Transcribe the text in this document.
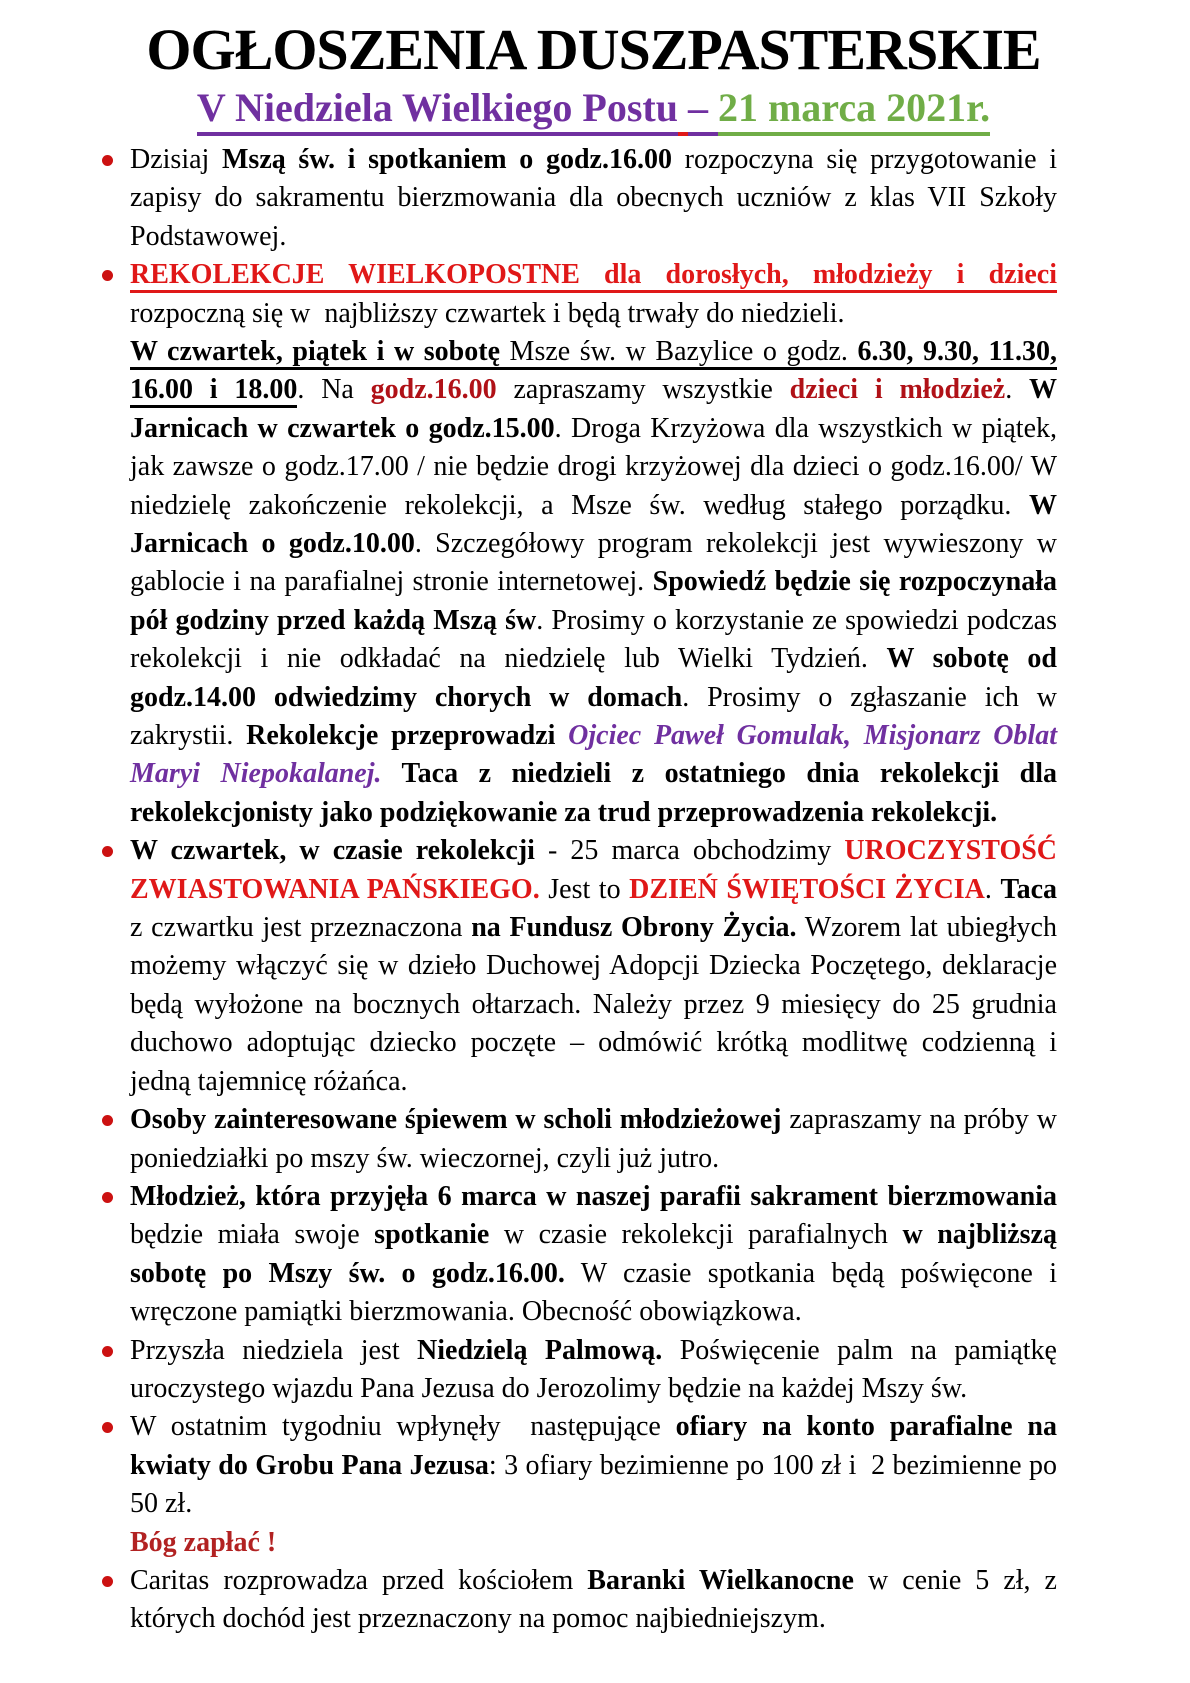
OGŁOSZENIA DUSZPASTERSKIE
V Niedziela Wielkiego Postu – 21 marca 2021r.
Dzisiaj Mszą św. i spotkaniem o godz.16.00 rozpoczyna się przygotowanie i zapisy do sakramentu bierzmowania dla obecnych uczniów z klas VII Szkoły Podstawowej.
REKOLEKCJE WIELKOPOSTNE dla dorosłych, młodzieży i dzieci rozpoczną się w  najbliższy czwartek i będą trwały do niedzieli.
W czwartek, piątek i w sobotę Msze św. w Bazylice o godz. 6.30, 9.30, 11.30, 16.00 i 18.00. Na godz.16.00 zapraszamy wszystkie dzieci i młodzież. W Jarnicach w czwartek o godz.15.00. Droga Krzyżowa dla wszystkich w piątek, jak zawsze o godz.17.00 / nie będzie drogi krzyżowej dla dzieci o godz.16.00/ W niedzielę zakończenie rekolekcji, a Msze św. według stałego porządku. W Jarnicach o godz.10.00. Szczegółowy program rekolekcji jest wywieszony w gablocie i na parafialnej stronie internetowej. Spowiedź będzie się rozpoczynała pół godziny przed każdą Mszą św. Prosimy o korzystanie ze spowiedzi podczas rekolekcji i nie odkładać na niedzielę lub Wielki Tydzień. W sobotę od godz.14.00 odwiedzimy chorych w domach. Prosimy o zgłaszanie ich w zakrystii. Rekolekcje przeprowadzi Ojciec Paweł Gomulak, Misjonarz Oblat Maryi Niepokalanej. Taca z niedzieli z ostatniego dnia rekolekcji dla rekolekcjonisty jako podziękowanie za trud przeprowadzenia rekolekcji.
W czwartek, w czasie rekolekcji - 25 marca obchodzimy UROCZYSTOŚĆ ZWIASTOWANIA PAŃSKIEGO. Jest to DZIEŃ ŚWIĘTOŚCI ŻYCIA. Taca z czwartku jest przeznaczona na Fundusz Obrony Życia. Wzorem lat ubiegłych możemy włączyć się w dzieło Duchowej Adopcji Dziecka Poczętego, deklaracje będą wyłożone na bocznych ołtarzach. Należy przez 9 miesięcy do 25 grudnia duchowo adoptując dziecko poczęte – odmówić krótką modlitwę codzienną i jedną tajemnicę różańca.
Osoby zainteresowane śpiewem w scholi młodzieżowej zapraszamy na próby w poniedziałki po mszy św. wieczornej, czyli już jutro.
Młodzież, która przyjęła 6 marca w naszej parafii sakrament bierzmowania będzie miała swoje spotkanie w czasie rekolekcji parafialnych w najbliższą sobotę po Mszy św. o godz.16.00. W czasie spotkania będą poświęcone i wręczone pamiątki bierzmowania. Obecność obowiązkowa.
Przyszła niedziela jest Niedzielą Palmową. Poświęcenie palm na pamiątkę uroczystego wjazdu Pana Jezusa do Jerozolimy będzie na każdej Mszy św.
W ostatnim tygodniu wpłynęły  następujące ofiary na konto parafialne na kwiaty do Grobu Pana Jezusa: 3 ofiary bezimienne po 100 zł i  2 bezimienne po 50 zł.
Bóg zapłać !
Caritas rozprowadza przed kościołem Baranki Wielkanocne w cenie 5 zł, z których dochód jest przeznaczony na pomoc najbiedniejszym.
